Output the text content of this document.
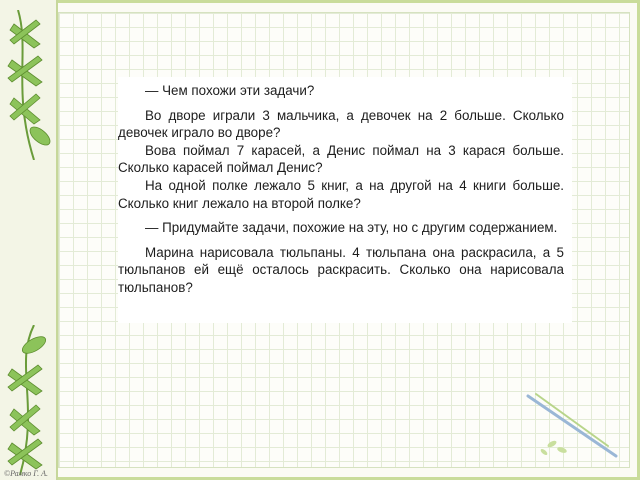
— Чем похожи эти задачи?

Во дворе играли 3 мальчика, а девочек на 2 больше. Сколько девочек играло во дворе?

Вова поймал 7 карасей, а Денис поймал на 3 карася больше. Сколько карасей поймал Денис?

На одной полке лежало 5 книг, а на другой на 4 книги больше. Сколько книг лежало на второй полке?

— Придумайте задачи, похожие на эту, но с другим содержанием.

Марина нарисовала тюльпаны. 4 тюльпана она раскрасила, а 5 тюльпанов ей ещё осталось раскрасить. Сколько она нарисовала тюльпанов?

©Рамко Г. А.
